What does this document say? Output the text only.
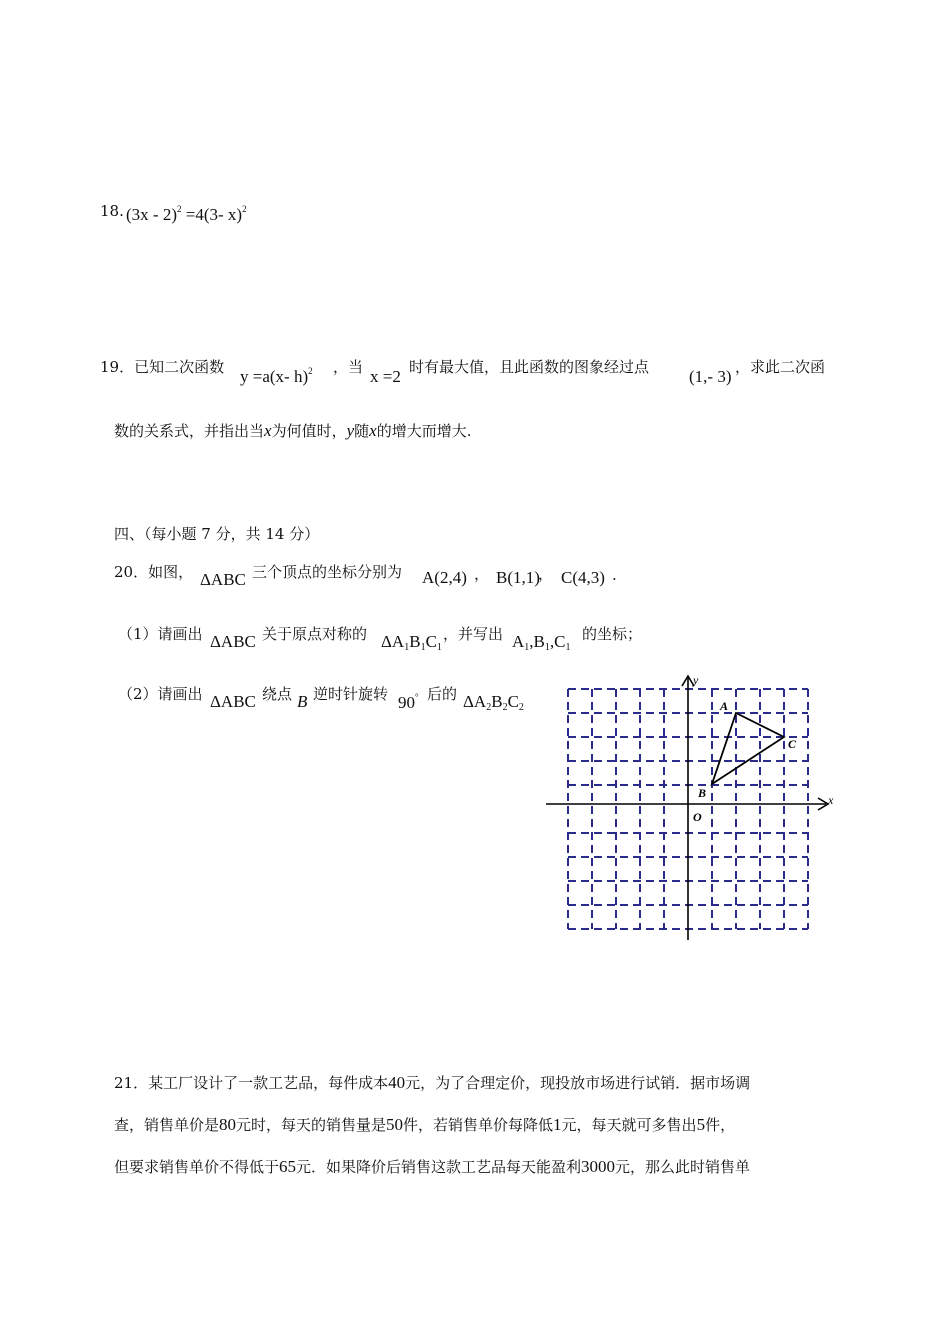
18. (3x - 2)$^2$ =4(3- x)$^2$
19．已知二次函数 y =a(x- h)$^2$ ，当 x =2 时有最大值，且此函数的图象经过点 (1,- 3) ，求此二次函
数的关系式，并指出当x为何值时，y随x的增大而增大.
四、（每小题 7 分，共 14 分）
20．如图， ΔABC 三个顶点的坐标分别为 A(2,4) ， B(1,1)
， C(4,3) .
（1）请画出 ΔABC 关于原点对称的 $\Delta A_1B_1C_1$
，并写出 $A_1,B_1,C_1$
的坐标；
（2）请画出 ΔABC 绕点 B 逆时针旋转 90° 后的 $\Delta A_2B_2C_2$
x
y
O
A
B
C
21．某工厂设计了一款工艺品，每件成本40元，为了合理定价，现投放市场进行试销．据市场调
查，销售单价是80元时，每天的销售量是50件，若销售单价每降低1元，每天就可多售出5件，
但要求销售单价不得低于65元．如果降价后销售这款工艺品每天能盈利3000元，那么此时销售单
